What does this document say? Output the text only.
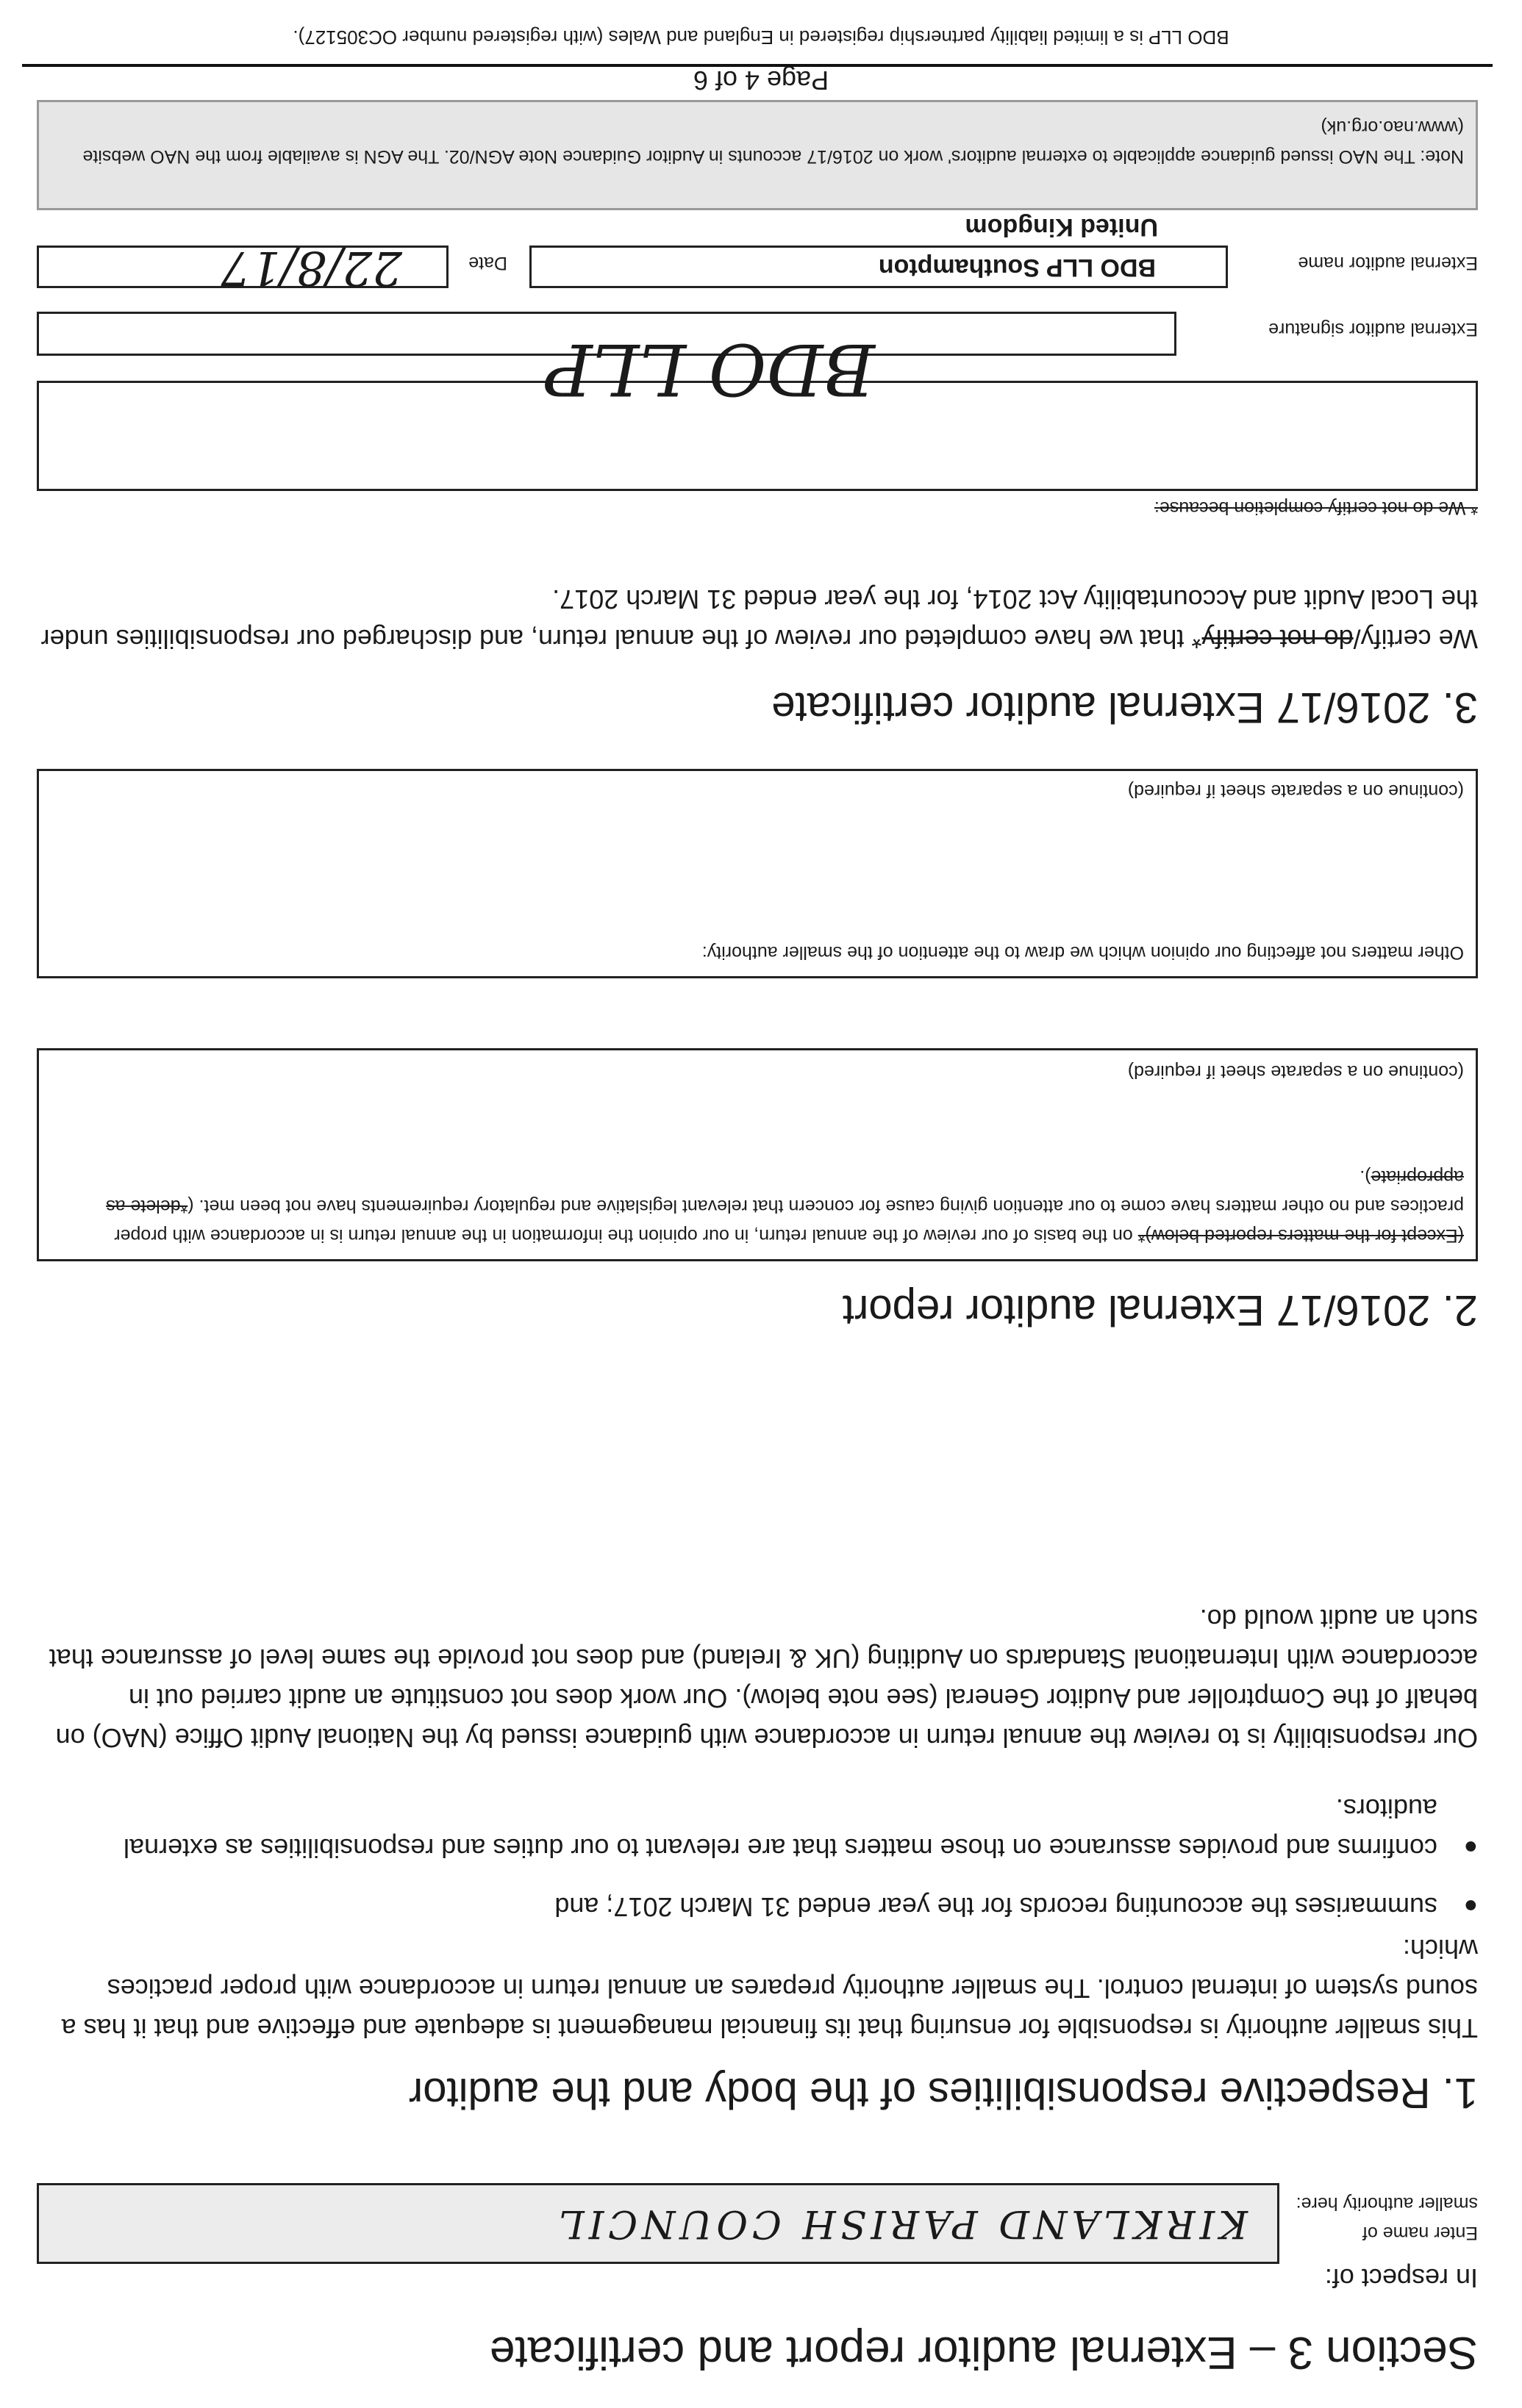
Section 3 – External auditor report and certificate
In respect of:
Enter name of
smaller authority here:
KIRKLAND PARISH COUNCIL
1. Respective responsibilities of the body and the auditor
This smaller authority is responsible for ensuring that its financial management is adequate and effective and that it has a sound system of internal control. The smaller authority prepares an annual return in accordance with proper practices which:
●
summarises the accounting records for the year ended 31 March 2017; and
●
confirms and provides assurance on those matters that are relevant to our duties and responsibilities as external auditors.
Our responsibility is to review the annual return in accordance with guidance issued by the National Audit Office (NAO) on behalf of the Comptroller and Auditor General (see note below). Our work does not constitute an audit carried out in accordance with International Standards on Auditing (UK & Ireland) and does not provide the same level of assurance that such an audit would do.
2. 2016/17 External auditor report
(Except for the matters reported below)* on the basis of our review of the annual return, in our opinion the information in the annual return is in accordance with proper practices and no other matters have come to our attention giving cause for concern that relevant legislative and regulatory requirements have not been met. (*delete as appropriate).
(continue on a separate sheet if required)
Other matters not affecting our opinion which we draw to the attention of the smaller authority:
(continue on a separate sheet if required)
3. 2016/17 External auditor certificate
We certify/do not certify* that we have completed our review of the annual return, and discharged our responsibilities under the Local Audit and Accountability Act 2014, for the year ended 31 March 2017.
* We do not certify completion because:
External auditor signature
BDO LLP
External auditor name
BDO LLP Southampton
United Kingdom
Date
22/8/17
Note: The NAO issued guidance applicable to external auditors' work on 2016/17 accounts in Auditor Guidance Note AGN/02. The AGN is available from the NAO website (www.nao.org.uk)
Page 4 of 6
BDO LLP is a limited liability partnership registered in England and Wales (with registered number OC305127).
